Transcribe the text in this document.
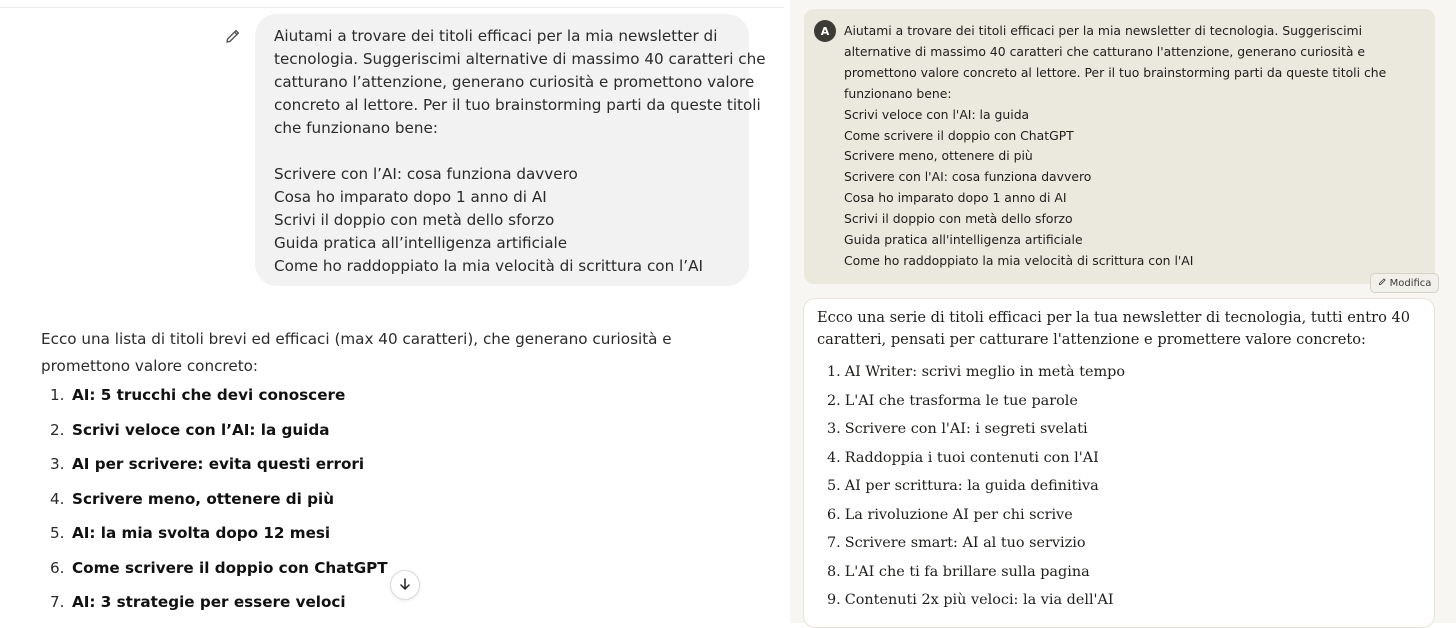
Aiutami a trovare dei titoli efficaci per la mia newsletter di
tecnologia. Suggeriscimi alternative di massimo 40 caratteri che
catturano l’attenzione, generano curiosità e promettono valore
concreto al lettore. Per il tuo brainstorming parti da queste titoli
che funzionano bene:
Scrivere con l’AI: cosa funziona davvero
Cosa ho imparato dopo 1 anno di AI
Scrivi il doppio con metà dello sforzo
Guida pratica all’intelligenza artificiale
Come ho raddoppiato la mia velocità di scrittura con l’AI
Ecco una lista di titoli brevi ed efficaci (max 40 caratteri), che generano curiosità e promettono valore concreto:
1. AI: 5 trucchi che devi conoscere
2. Scrivi veloce con l’AI: la guida
3. AI per scrivere: evita questi errori
4. Scrivere meno, ottenere di più
5. AI: la mia svolta dopo 12 mesi
6. Come scrivere il doppio con ChatGPT
7. AI: 3 strategie per essere veloci
A	Aiutami a trovare dei titoli efficaci per la mia newsletter di tecnologia. Suggeriscimi
alternative di massimo 40 caratteri che catturano l'attenzione, generano curiosità e
promettono valore concreto al lettore. Per il tuo brainstorming parti da queste titoli che
funzionano bene:
Scrivi veloce con l'AI: la guida
Come scrivere il doppio con ChatGPT
Scrivere meno, ottenere di più
Scrivere con l'AI: cosa funziona davvero
Cosa ho imparato dopo 1 anno di AI
Scrivi il doppio con metà dello sforzo
Guida pratica all'intelligenza artificiale
Come ho raddoppiato la mia velocità di scrittura con l'AI
Modifica
Ecco una serie di titoli efficaci per la tua newsletter di tecnologia, tutti entro 40 caratteri, pensati per catturare l'attenzione e promettere valore concreto:
1. AI Writer: scrivi meglio in metà tempo
2. L'AI che trasforma le tue parole
3. Scrivere con l'AI: i segreti svelati
4. Raddoppia i tuoi contenuti con l'AI
5. AI per scrittura: la guida definitiva
6. La rivoluzione AI per chi scrive
7. Scrivere smart: AI al tuo servizio
8. L'AI che ti fa brillare sulla pagina
9. Contenuti 2x più veloci: la via dell'AI
